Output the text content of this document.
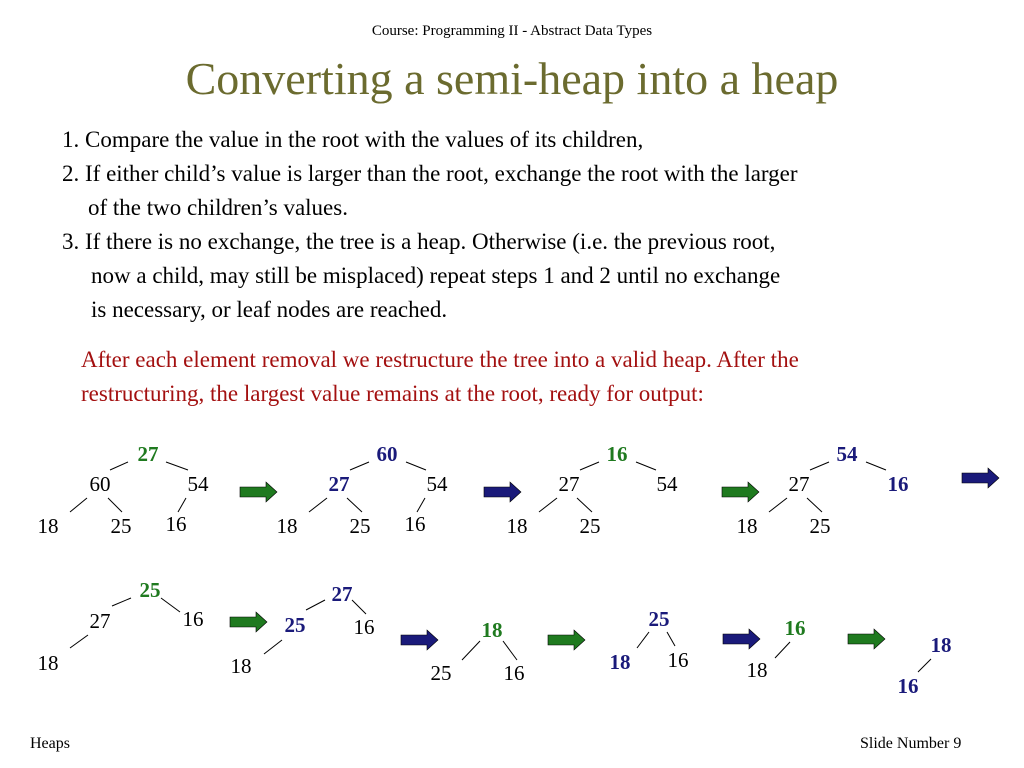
Course: Programming II - Abstract Data Types
Converting a semi-heap into a heap
1. Compare the value in the root with the values of its children,
2. If either child’s value is larger than the root, exchange the root with the larger
of the two children’s values.
3. If there is no exchange, the tree is a heap. Otherwise (i.e. the previous root,
now a child, may still be misplaced) repeat steps 1 and 2 until no exchange
is necessary, or leaf nodes are reached.
After each element removal we restructure the tree into a valid heap. After the
restructuring, the largest value remains at the root, ready for output:
27
60	54
18 25 16
60
27	54
18 25 16
16
27	54
18 25
54
27	16
18 25
25
27	16
18
27
25 16
18
18
25 16
25
18 16
16
18
18
16
Heaps	Slide Number 9
